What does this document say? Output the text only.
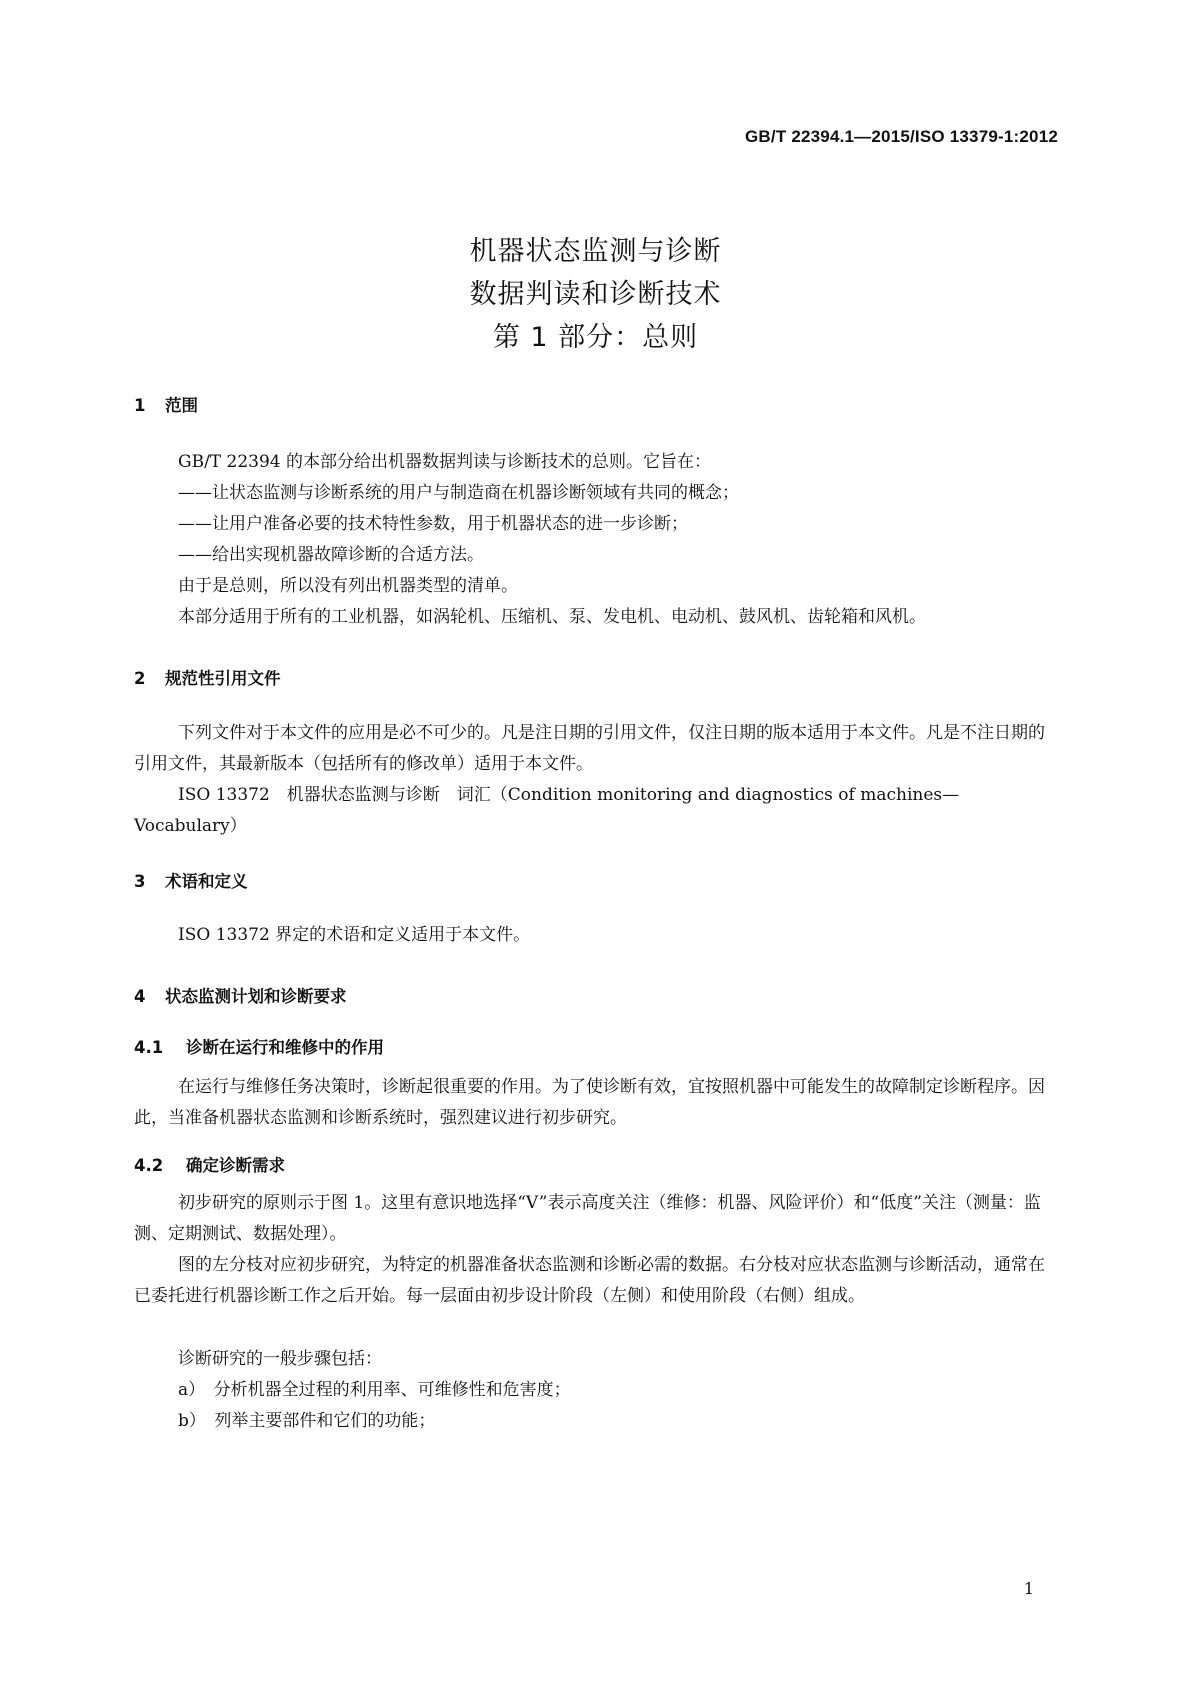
GB/T 22394.1—2015/ISO 13379-1:2012
机器状态监测与诊断
数据判读和诊断技术
第 1 部分：总则
1 范围
GB/T 22394 的本部分给出机器数据判读与诊断技术的总则。它旨在：
——让状态监测与诊断系统的用户与制造商在机器诊断领域有共同的概念；
——让用户准备必要的技术特性参数，用于机器状态的进一步诊断；
——给出实现机器故障诊断的合适方法。
由于是总则，所以没有列出机器类型的清单。
本部分适用于所有的工业机器，如涡轮机、压缩机、泵、发电机、电动机、鼓风机、齿轮箱和风机。
2 规范性引用文件
下列文件对于本文件的应用是必不可少的。凡是注日期的引用文件，仅注日期的版本适用于本文件。凡是不注日期的引用文件，其最新版本（包括所有的修改单）适用于本文件。
ISO 13372　机器状态监测与诊断　词汇（Condition monitoring and diagnostics of machines—Vocabulary）
3 术语和定义
ISO 13372 界定的术语和定义适用于本文件。
4 状态监测计划和诊断要求
4.1 诊断在运行和维修中的作用
在运行与维修任务决策时，诊断起很重要的作用。为了使诊断有效，宜按照机器中可能发生的故障制定诊断程序。因此，当准备机器状态监测和诊断系统时，强烈建议进行初步研究。
4.2 确定诊断需求
初步研究的原则示于图 1。这里有意识地选择“V”表示高度关注（维修：机器、风险评价）和“低度”关注（测量：监测、定期测试、数据处理）。
图的左分枝对应初步研究，为特定的机器准备状态监测和诊断必需的数据。右分枝对应状态监测与诊断活动，通常在已委托进行机器诊断工作之后开始。每一层面由初步设计阶段（左侧）和使用阶段（右侧）组成。
诊断研究的一般步骤包括：
a）　分析机器全过程的利用率、可维修性和危害度；
b）　列举主要部件和它们的功能；
1
